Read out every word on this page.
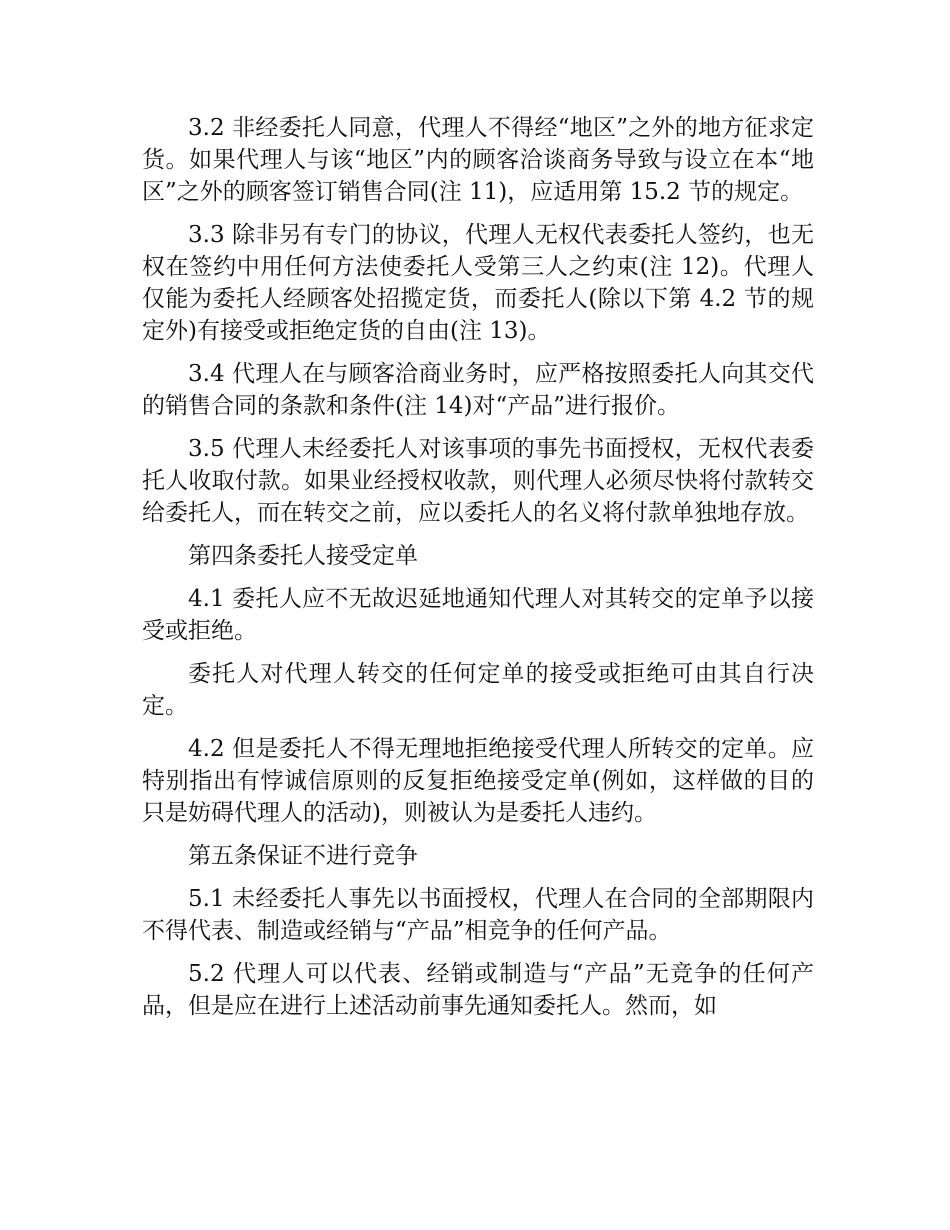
3.2 非经委托人同意，代理人不得经“地区”之外的地方征求定货。如果代理人与该“地区”内的顾客洽谈商务导致与设立在本“地区”之外的顾客签订销售合同(注 11)，应适用第 15.2 节的规定。

3.3 除非另有专门的协议，代理人无权代表委托人签约，也无权在签约中用任何方法使委托人受第三人之约束(注 12)。代理人仅能为委托人经顾客处招揽定货，而委托人(除以下第 4.2 节的规定外)有接受或拒绝定货的自由(注 13)。

3.4 代理人在与顾客洽商业务时，应严格按照委托人向其交代的销售合同的条款和条件(注 14)对“产品”进行报价。

3.5 代理人未经委托人对该事项的事先书面授权，无权代表委托人收取付款。如果业经授权收款，则代理人必须尽快将付款转交给委托人，而在转交之前，应以委托人的名义将付款单独地存放。

第四条委托人接受定单

4.1 委托人应不无故迟延地通知代理人对其转交的定单予以接受或拒绝。

委托人对代理人转交的任何定单的接受或拒绝可由其自行决定。

4.2 但是委托人不得无理地拒绝接受代理人所转交的定单。应特别指出有悖诚信原则的反复拒绝接受定单(例如，这样做的目的只是妨碍代理人的活动)，则被认为是委托人违约。

第五条保证不进行竞争

5.1 未经委托人事先以书面授权，代理人在合同的全部期限内不得代表、制造或经销与“产品”相竞争的任何产品。

5.2 代理人可以代表、经销或制造与“产品”无竞争的任何产品，但是应在进行上述活动前事先通知委托人。然而，如
